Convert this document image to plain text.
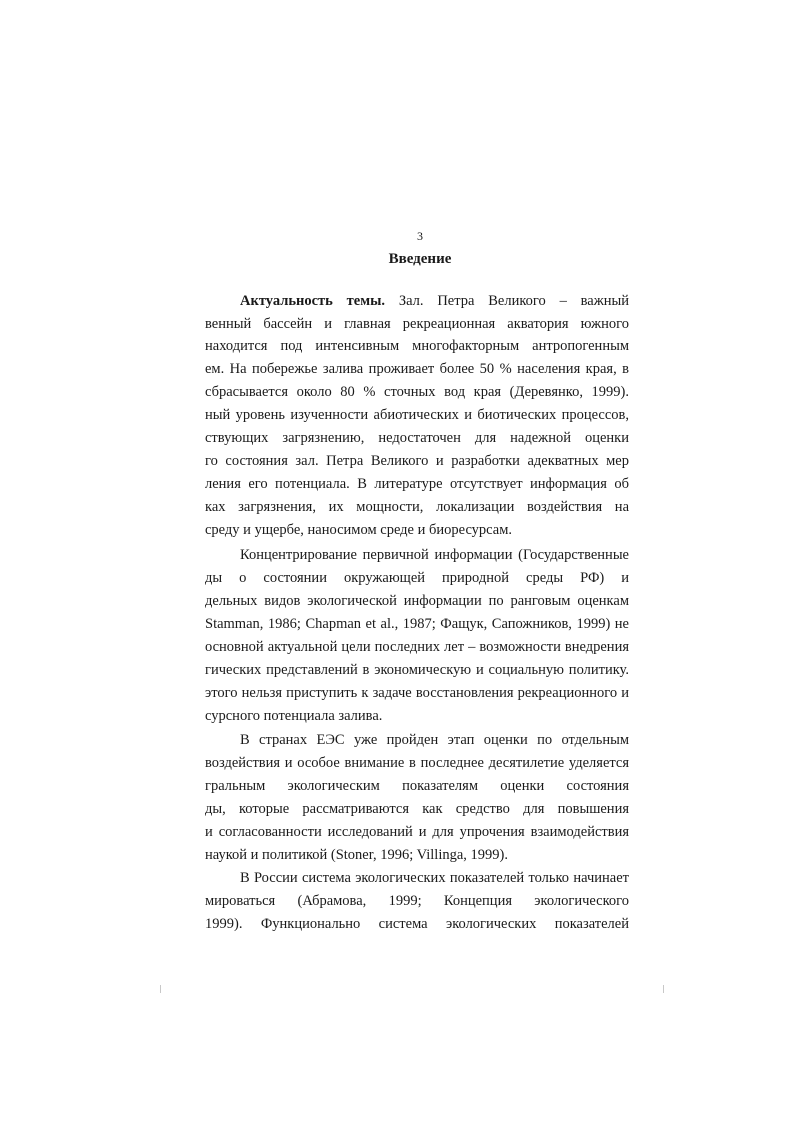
3
Введение
Актуальность темы. Зал. Петра Великого – важный
венный бассейн и главная рекреационная акватория южного
находится под интенсивным многофакторным антропогенным
ем. На побережье залива проживает более 50 % населения края, в
сбрасывается около 80 % сточных вод края (Деревянко, 1999).
ный уровень изученности абиотических и биотических процессов,
ствующих загрязнению, недостаточен для надежной оценки
го состояния зал. Петра Великого и разработки адекватных мер
ления его потенциала. В литературе отсутствует информация об
ках загрязнения, их мощности, локализации воздействия на
среду и ущербе, наносимом среде и биоресурсам.
Концентрирование первичной информации (Государственные
ды о состоянии окружающей природной среды РФ) и
дельных видов экологической информации по ранговым оценкам
Stamman, 1986; Chapman et al., 1987; Фащук, Сапожников, 1999) не
основной актуальной цели последних лет – возможности внедрения
гических представлений в экономическую и социальную политику.
этого нельзя приступить к задаче восстановления рекреационного и
сурсного потенциала залива.
В странах ЕЭС уже пройден этап оценки по отдельным
воздействия и особое внимание в последнее десятилетие уделяется
гральным экологическим показателям оценки состояния
ды, которые рассматриваются как средство для повышения
и согласованности исследований и для упрочения взаимодействия
наукой и политикой (Stoner, 1996; Villinga, 1999).
В России система экологических показателей только начинает
мироваться (Абрамова, 1999; Концепция экологического
1999). Функционально система экологических показателей
